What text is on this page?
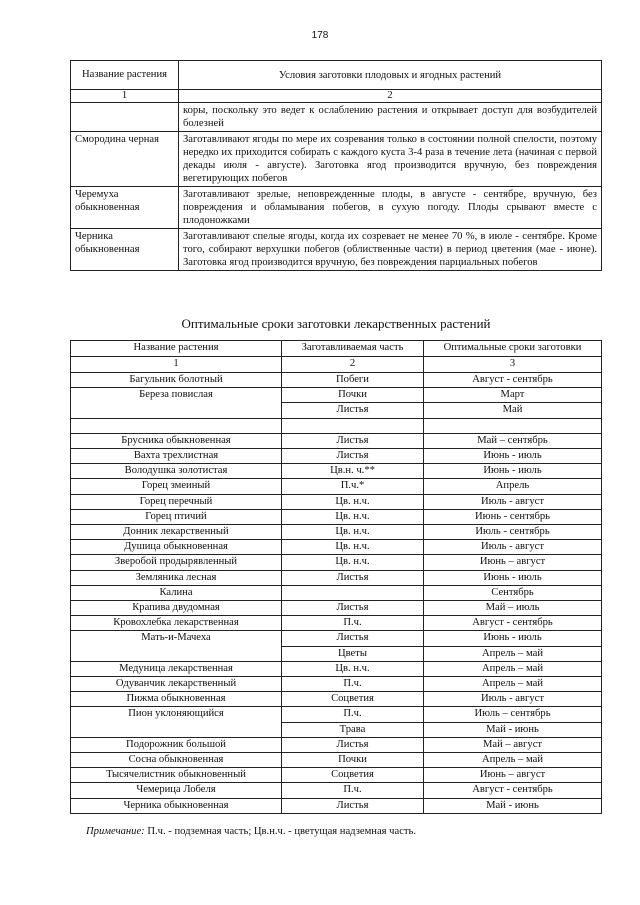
178
Название растения	Условия заготовки плодовых и ягодных растений
1	2
	коры, поскольку это ведет к ослаблению растения и открывает доступ для возбудителей болезней
Смородина черная	Заготавливают ягоды по мере их созревания только в состоянии полной спелости, поэтому нередко их приходится собирать с каждого куста 3-4 раза в течение лета (начиная с первой декады июля - августе). Заготовка ягод производится вручную, без повреждения вегетирующих побегов
Черемуха обыкновенная	Заготавливают зрелые, неповрежденные плоды, в августе - сентябре, вручную, без повреждения и обламывания побегов, в сухую погоду. Плоды срывают вместе с плодоножками
Черника обыкновенная	Заготавливают спелые ягоды, когда их созревает не менее 70 %, в июле - сентябре. Кроме того, собирают верхушки побегов (облиственные части) в период цветения (мае - июне). Заготовка ягод производится вручную, без повреждения парциальных побегов
Оптимальные сроки заготовки лекарственных растений
Название растения	Заготавливаемая часть	Оптимальные сроки заготовки
1	2	3
Багульник болотный	Побеги	Август - сентябрь
Береза повислая	Почки	Март
	Листья	Май

Брусника обыкновенная	Листья	Май – сентябрь
Вахта трехлистная	Листья	Июнь - июль
Володушка золотистая	Цв.н. ч.**	Июнь - июль
Горец змеиный	П.ч.*	Апрель
Горец перечный	Цв. н.ч.	Июль - август
Горец птичий	Цв. н.ч.	Июнь - сентябрь
Донник лекарственный	Цв. н.ч.	Июль - сентябрь
Душица обыкновенная	Цв. н.ч.	Июль - август
Зверобой продырявленный	Цв. н.ч.	Июнь – август
Земляника лесная	Листья	Июнь - июль
Калина		Сентябрь
Крапива двудомная	Листья	Май – июль
Кровохлебка лекарственная	П.ч.	Август - сентябрь
Мать-и-Мачеха	Листья	Июнь - июль
	Цветы	Апрель – май
Медуница лекарственная	Цв. н.ч.	Апрель – май
Одуванчик лекарственный	П.ч.	Апрель – май
Пижма обыкновенная	Соцветия	Июль - август
Пион уклоняющийся	П.ч.	Июль – сентябрь
	Трава	Май - июнь
Подорожник большой	Листья	Май – август
Сосна обыкновенная	Почки	Апрель – май
Тысячелистник обыкновенный	Соцветия	Июнь – август
Чемерица Лобеля	П.ч.	Август - сентябрь
Черника обыкновенная	Листья	Май - июнь
Примечание: П.ч. - подземная часть; Цв.н.ч. - цветущая надземная часть.
